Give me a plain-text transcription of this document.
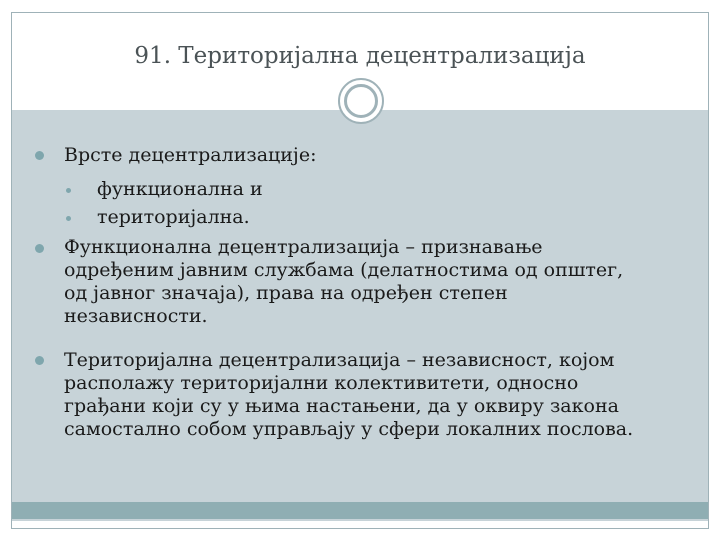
91. Територијална децентрализација
Врсте децентрализације:
функционална и
територијална.
Функционална децентрализација – признавање
одређеним јавним службама (делатностима од општег,
од јавног значаја), права на одређен степен
независности.
Територијална децентрализација – независност, којом
располажу територијални колективитети, односно
грађани који су у њима настањени, да у оквиру закона
самостално собом управљају у сфери локалних послова.
